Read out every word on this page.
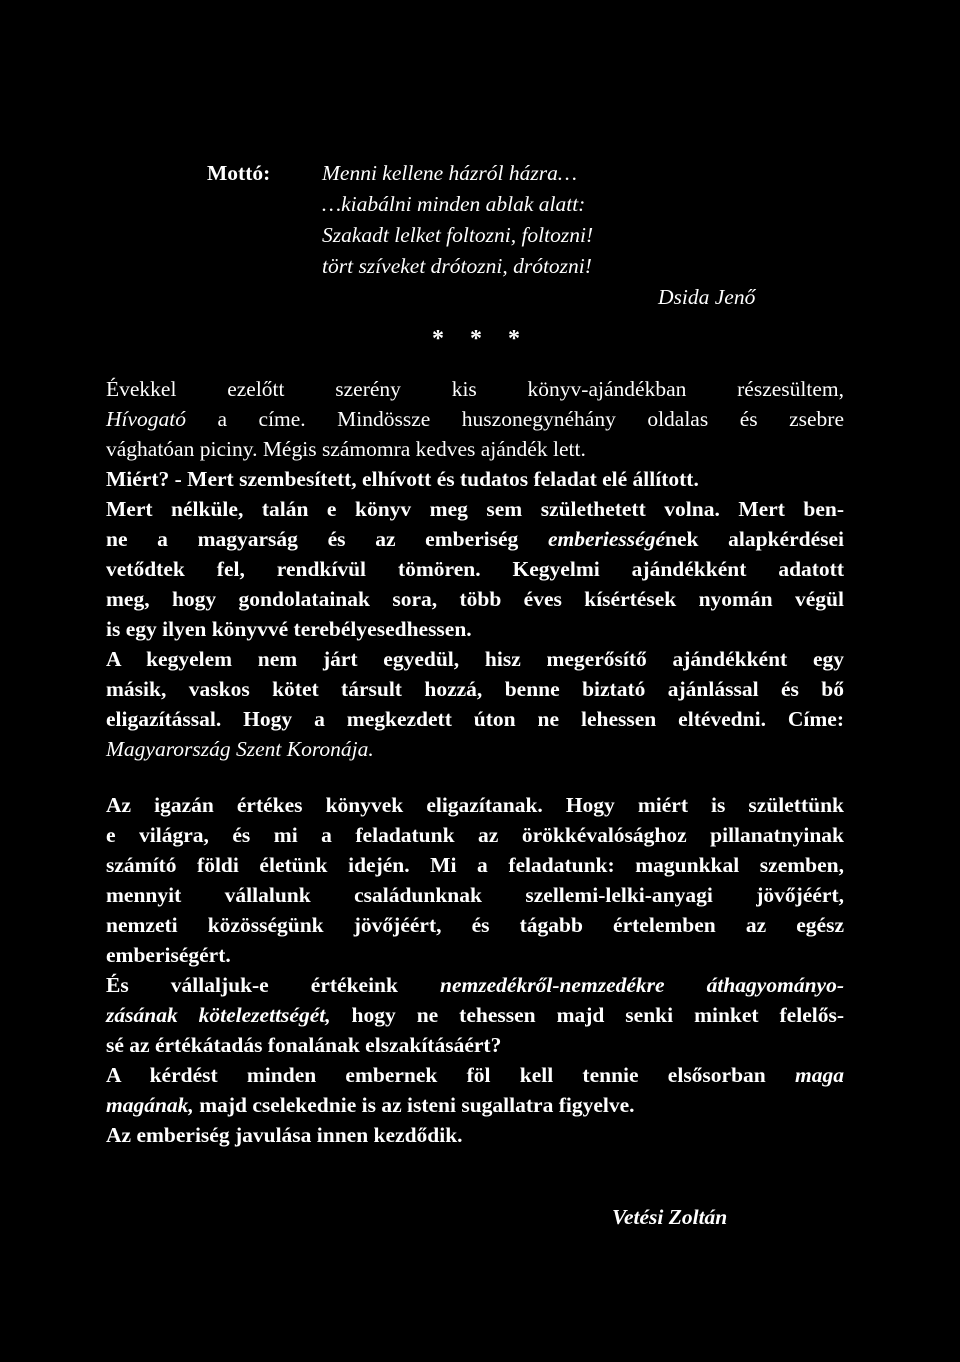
Mottó: Menni kellene házról házra…
…kiabálni minden ablak alatt:
Szakadt lelket foltozni, foltozni!
tört szíveket drótozni, drótozni!
Dsida Jenő
* * *
Évekkel ezelőtt szerény kis könyv-ajándékban részesültem,
Hívogató a címe. Mindössze huszonegynéhány oldalas és zsebre
vághatóan piciny. Mégis számomra kedves ajándék lett.
Miért? - Mert szembesített, elhívott és tudatos feladat elé állított.
Mert nélküle, talán e könyv meg sem születhetett volna. Mert ben-
ne a magyarság és az emberiség emberiességének alapkérdései
vetődtek fel, rendkívül tömören. Kegyelmi ajándékként adatott
meg, hogy gondolatainak sora, több éves kísértések nyomán végül
is egy ilyen könyvvé terebélyesedhessen.
A kegyelem nem járt egyedül, hisz megerősítő ajándékként egy
másik, vaskos kötet társult hozzá, benne biztató ajánlással és bő
eligazítással. Hogy a megkezdett úton ne lehessen eltévedni. Címe:
Magyarország Szent Koronája.
Az igazán értékes könyvek eligazítanak. Hogy miért is születtünk
e világra, és mi a feladatunk az örökkévalósághoz pillanatnyinak
számító földi életünk idején. Mi a feladatunk: magunkkal szemben,
mennyit vállalunk családunknak szellemi-lelki-anyagi jövőjéért,
nemzeti közösségünk jövőjéért, és tágabb értelemben az egész
emberiségért.
És vállaljuk-e értékeink nemzedékről-nemzedékre áthagyományo-
zásának kötelezettségét, hogy ne tehessen majd senki minket felelős-
sé az értékátadás fonalának elszakításáért?
A kérdést minden embernek föl kell tennie elsősorban maga
magának, majd cselekednie is az isteni sugallatra figyelve.
Az emberiség javulása innen kezdődik.
Vetési Zoltán
